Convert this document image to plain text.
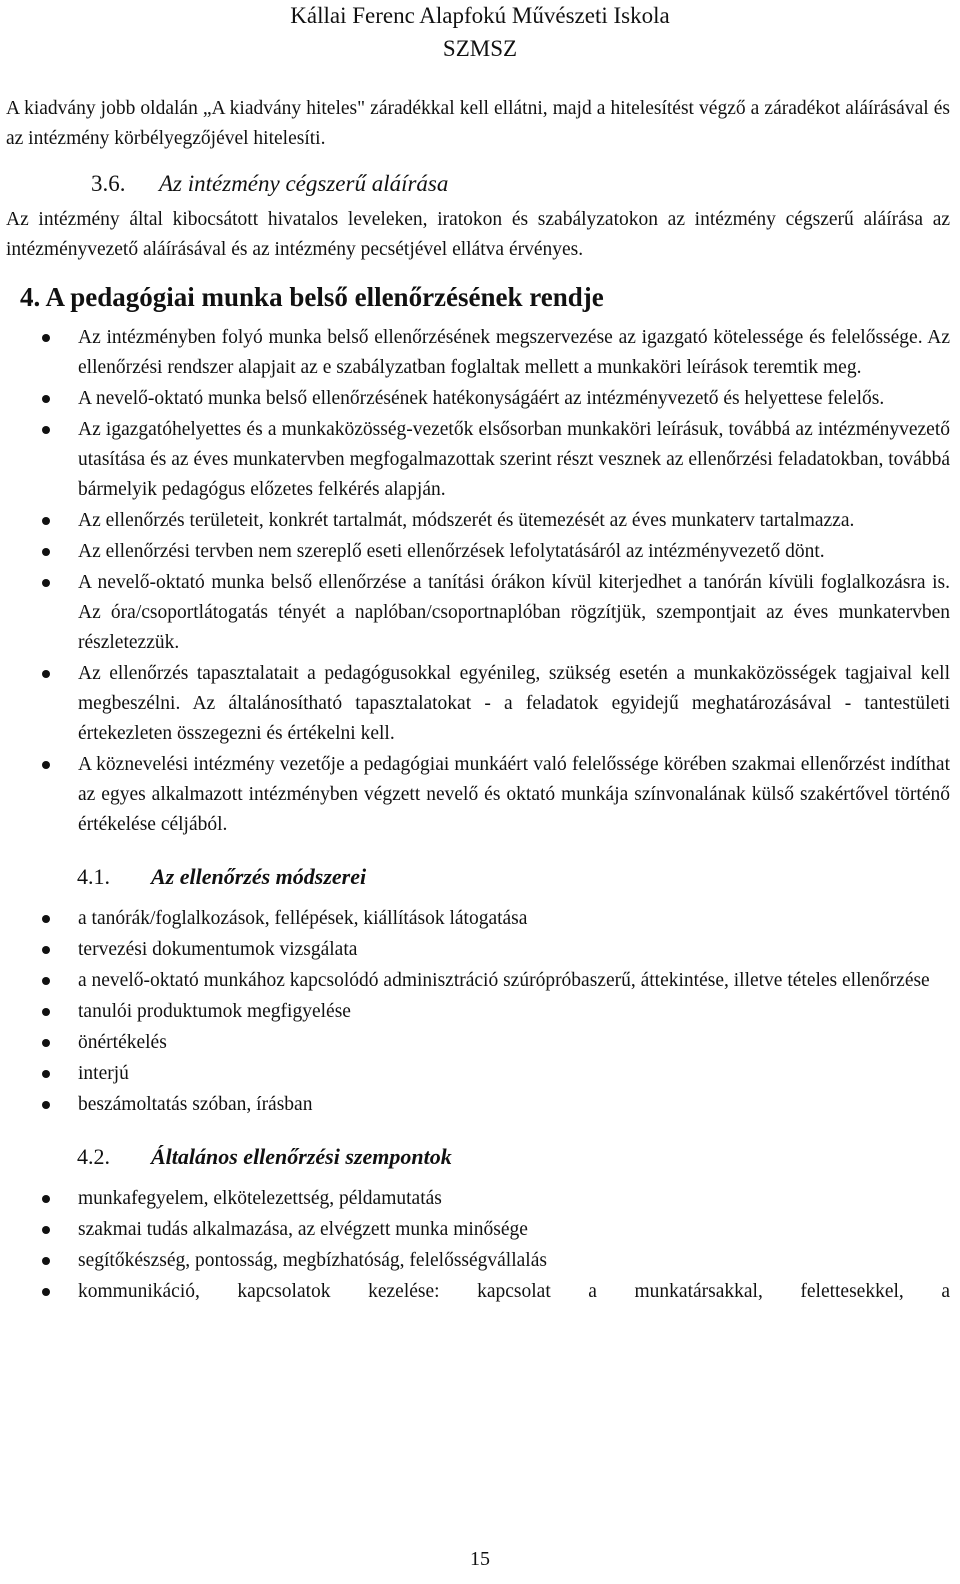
Kállai Ferenc Alapfokú Művészeti Iskola
SZMSZ

A kiadvány jobb oldalán „A kiadvány hiteles" záradékkal kell ellátni, majd a hitelesítést végző a záradékot aláírásával és az intézmény körbélyegzőjével hitelesíti.

3.6. Az intézmény cégszerű aláírása

Az intézmény által kibocsátott hivatalos leveleken, iratokon és szabályzatokon az intézmény cégszerű aláírása az intézményvezető aláírásával és az intézmény pecsétjével ellátva érvényes.

4. A pedagógiai munka belső ellenőrzésének rendje
Az intézményben folyó munka belső ellenőrzésének megszervezése az igazgató kötelessége és felelőssége. Az ellenőrzési rendszer alapjait az e szabályzatban foglaltak mellett a munkaköri leírások teremtik meg.
A nevelő-oktató munka belső ellenőrzésének hatékonyságáért az intézményvezető és helyettese felelős.
Az igazgatóhelyettes és a munkaközösség-vezetők elsősorban munkaköri leírásuk, továbbá az intézményvezető utasítása és az éves munkatervben megfogalmazottak szerint részt vesznek az ellenőrzési feladatokban, továbbá bármelyik pedagógus előzetes felkérés alapján.
Az ellenőrzés területeit, konkrét tartalmát, módszerét és ütemezését az éves munkaterv tartalmazza.
Az ellenőrzési tervben nem szereplő eseti ellenőrzések lefolytatásáról az intézményvezető dönt.
A nevelő-oktató munka belső ellenőrzése a tanítási órákon kívül kiterjedhet a tanórán kívüli foglalkozásra is. Az óra/csoportlátogatás tényét a naplóban/csoportnaplóban rögzítjük, szempontjait az éves munkatervben részletezzük.
Az ellenőrzés tapasztalatait a pedagógusokkal egyénileg, szükség esetén a munkaközösségek tagjaival kell megbeszélni. Az általánosítható tapasztalatokat - a feladatok egyidejű meghatározásával - tantestületi értekezleten összegezni és értékelni kell.
A köznevelési intézmény vezetője a pedagógiai munkáért való felelőssége körében szakmai ellenőrzést indíthat az egyes alkalmazott intézményben végzett nevelő és oktató munkája színvonalának külső szakértővel történő értékelése céljából.
4.1. Az ellenőrzés módszerei
a tanórák/foglalkozások, fellépések, kiállítások látogatása
tervezési dokumentumok vizsgálata
a nevelő-oktató munkához kapcsolódó adminisztráció szúrópróbaszerű, áttekintése, illetve tételes ellenőrzése
tanulói produktumok megfigyelése
önértékelés
interjú
beszámoltatás szóban, írásban
4.2. Általános ellenőrzési szempontok
munkafegyelem, elkötelezettség, példamutatás
szakmai tudás alkalmazása, az elvégzett munka minősége
segítőkészség, pontosság, megbízhatóság, felelősségvállalás
kommunikáció, kapcsolatok kezelése: kapcsolat a munkatársakkal, felettesekkel, a
15
